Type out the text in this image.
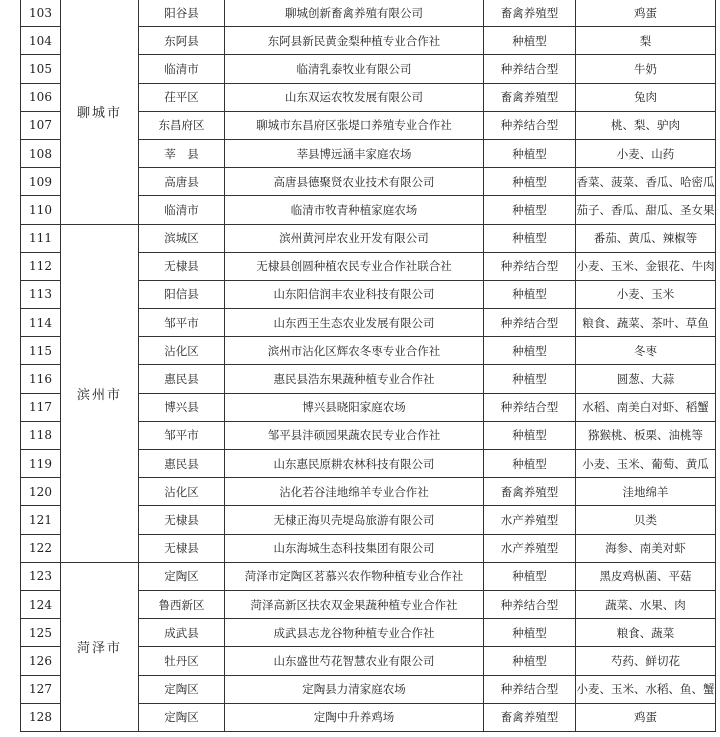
103	聊城市	阳谷县	聊城创新畜禽养殖有限公司	畜禽养殖型	鸡蛋
104		东阿县	东阿县新民黄金梨种植专业合作社	种植型	梨
105		临清市	临清乳泰牧业有限公司	种养结合型	牛奶
106		茌平区	山东双运农牧发展有限公司	畜禽养殖型	兔肉
107		东昌府区	聊城市东昌府区张堤口养殖专业合作社	种养结合型	桃、梨、驴肉
108		莘　县	莘县博远涵丰家庭农场	种植型	小麦、山药
109		高唐县	高唐县德聚贤农业技术有限公司	种植型	香菜、菠菜、香瓜、哈密瓜
110		临清市	临清市牧青种植家庭农场	种植型	茄子、香瓜、甜瓜、圣女果
111	滨州市	滨城区	滨州黄河岸农业开发有限公司	种植型	番茄、黄瓜、辣椒等
112		无棣县	无棣县创圆种植农民专业合作社联合社	种养结合型	小麦、玉米、金银花、牛肉
113		阳信县	山东阳信润丰农业科技有限公司	种植型	小麦、玉米
114		邹平市	山东西王生态农业发展有限公司	种养结合型	粮食、蔬菜、茶叶、草鱼
115		沾化区	滨州市沾化区辉农冬枣专业合作社	种植型	冬枣
116		惠民县	惠民县浩东果蔬种植专业合作社	种植型	圆葱、大蒜
117		博兴县	博兴县晓阳家庭农场	种养结合型	水稻、南美白对虾、稻蟹
118		邹平市	邹平县沣硕园果蔬农民专业合作社	种植型	猕猴桃、板栗、油桃等
119		惠民县	山东惠民原耕农林科技有限公司	种植型	小麦、玉米、葡萄、黄瓜
120		沾化区	沾化若谷洼地绵羊专业合作社	畜禽养殖型	洼地绵羊
121		无棣县	无棣正海贝壳堤岛旅游有限公司	水产养殖型	贝类
122		无棣县	山东海城生态科技集团有限公司	水产养殖型	海参、南美对虾
123	菏泽市	定陶区	菏泽市定陶区茗慕兴农作物种植专业合作社	种植型	黑皮鸡枞菌、平菇
124		鲁西新区	菏泽高新区扶农双金果蔬种植专业合作社	种养结合型	蔬菜、水果、肉
125		成武县	成武县志龙谷物种植专业合作社	种植型	粮食、蔬菜
126		牡丹区	山东盛世芍花智慧农业有限公司	种植型	芍药、鲜切花
127		定陶区	定陶县力清家庭农场	种养结合型	小麦、玉米、水稻、鱼、蟹
128		定陶区	定陶中升养鸡场	畜禽养殖型	鸡蛋
